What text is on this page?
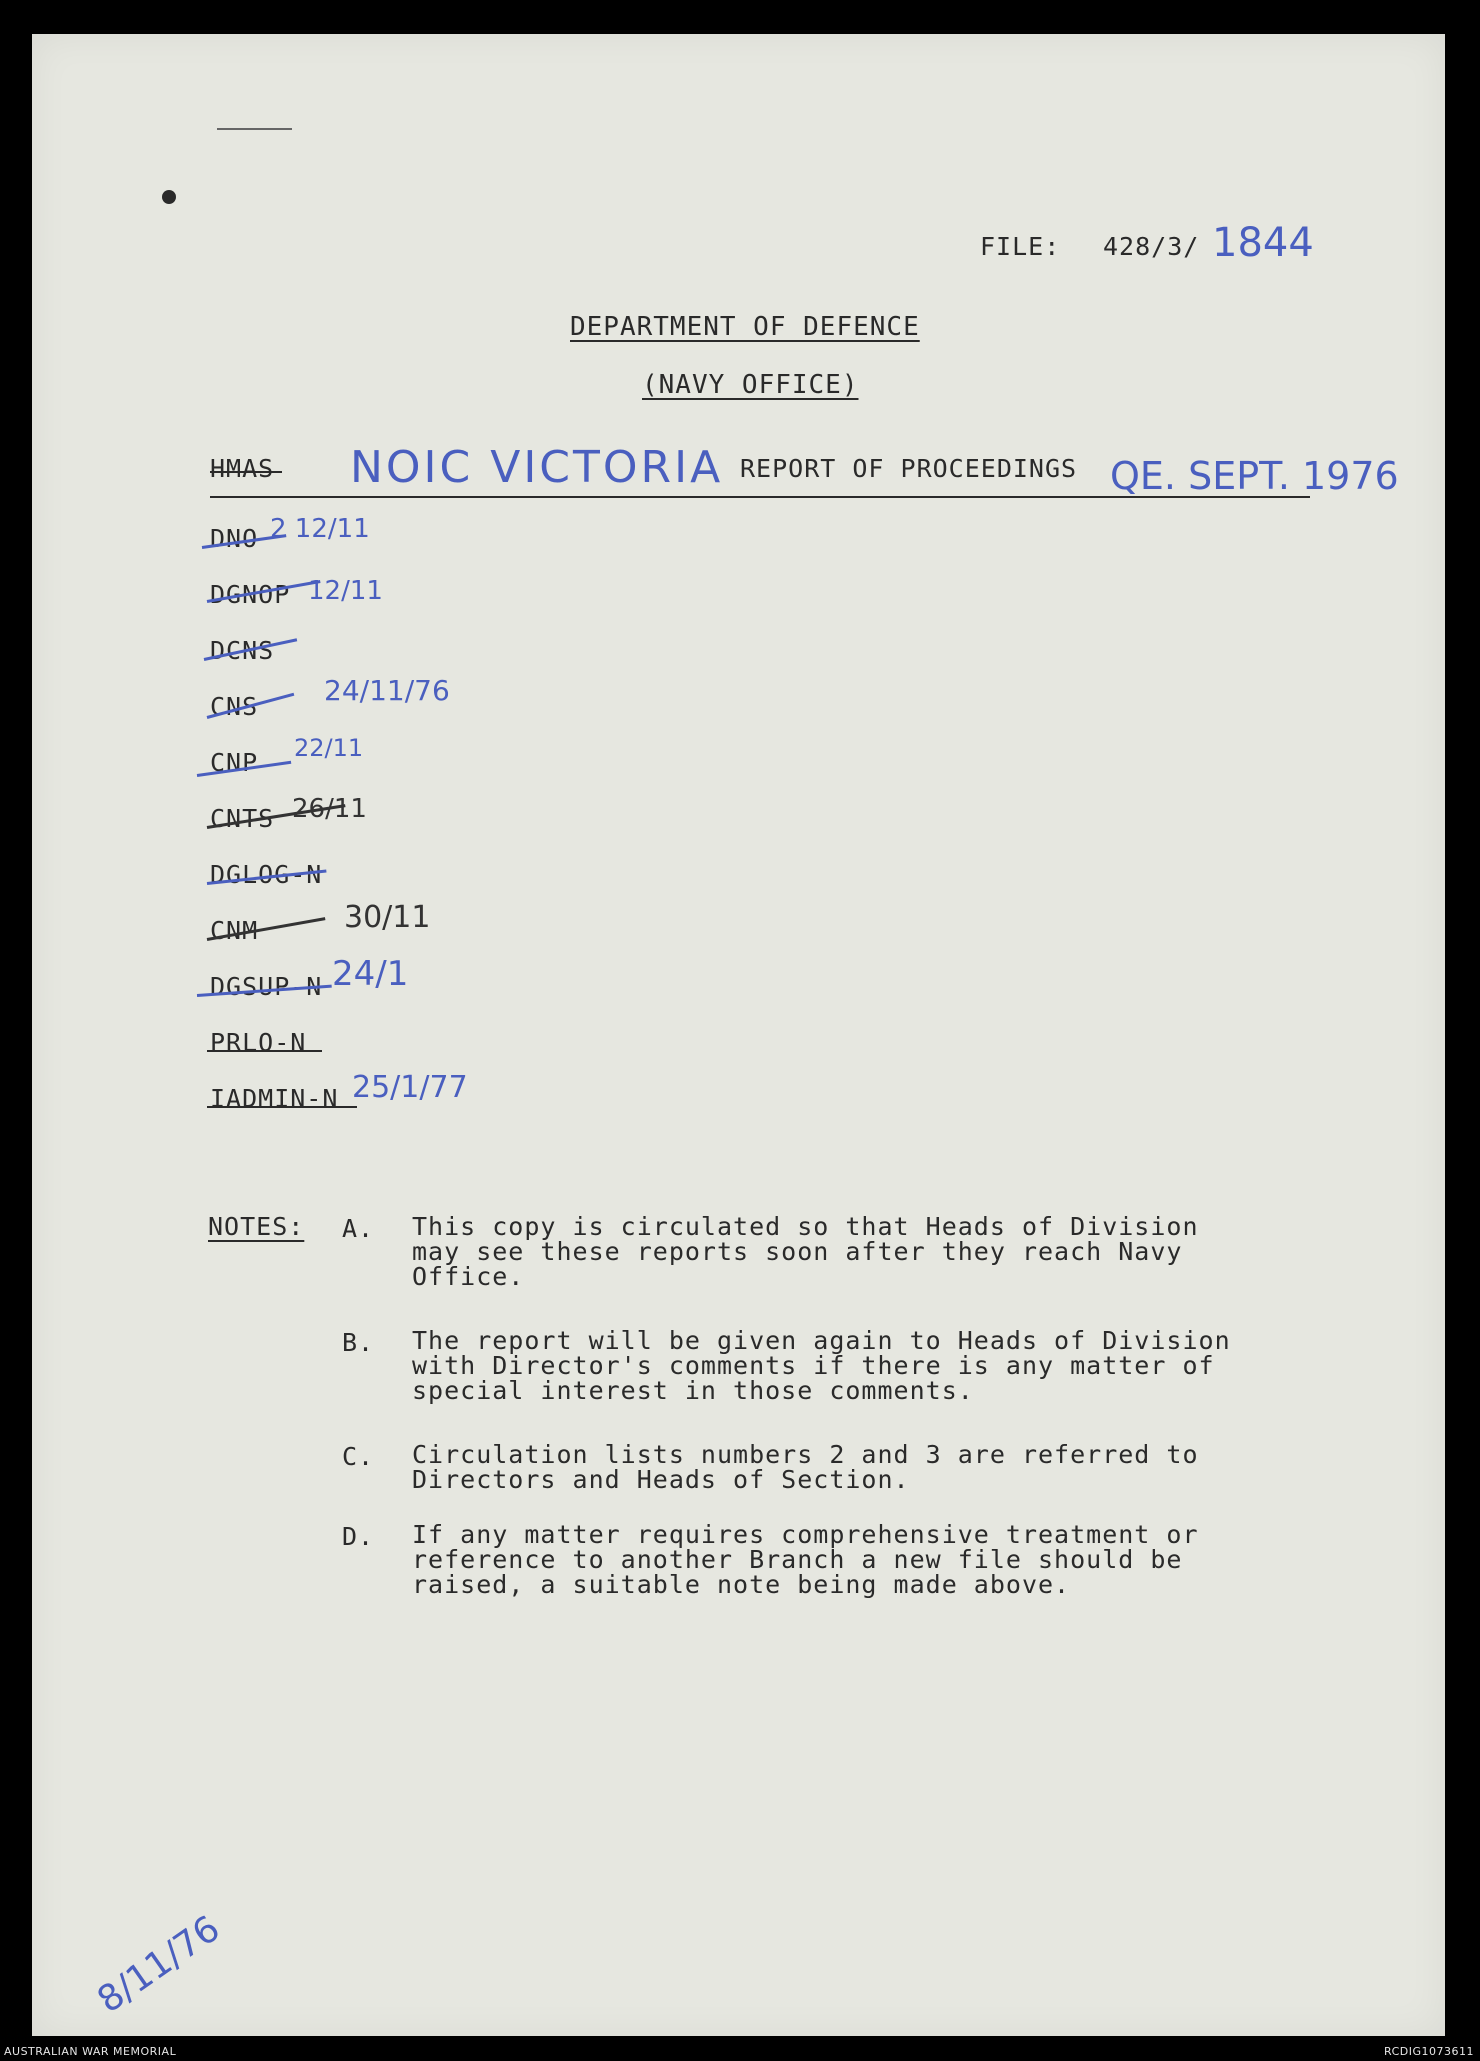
FILE: 428/3/ 1844
DEPARTMENT OF DEFENCE
(NAVY OFFICE)
HMAS NOIC VICTORIA REPORT OF PROCEEDINGS QE. SEPT. 1976
DNO 2 12/11
DGNOP 12/11
DCNS
CNS 24/11/76
CNP 22/11
CNTS 26/11
DGLOG-N
CNM	30/11
DGSUP-N 24/1
PRLO-N
IADMIN-N 25/1/77
NOTES: A. This copy is circulated so that Heads of Division
may see these reports soon after they reach Navy
Office.
B. The report will be given again to Heads of Division
with Director's comments if there is any matter of
special interest in those comments.
C. Circulation lists numbers 2 and 3 are referred to
Directors and Heads of Section.
D. If any matter requires comprehensive treatment or
reference to another Branch a new file should be
raised, a suitable note being made above.
8/11/76
AUSTRALIAN WAR MEMORIAL	RCDIG1073611
